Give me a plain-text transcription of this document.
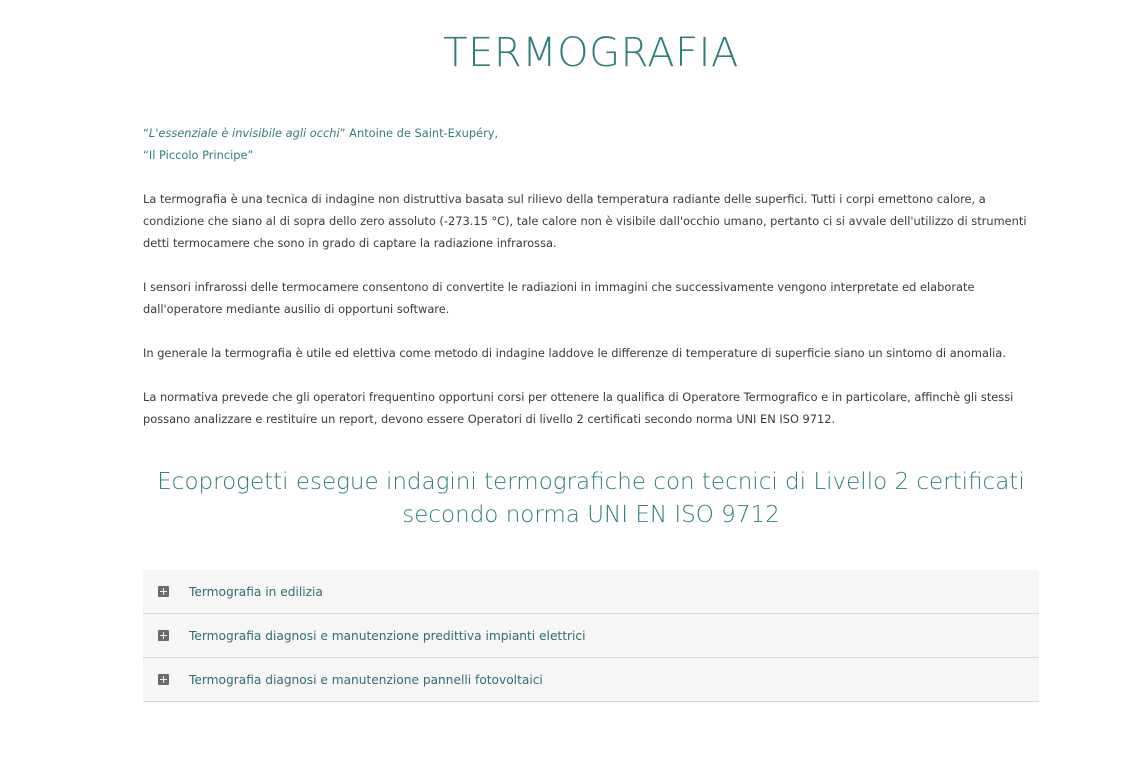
TERMOGRAFIA

“L'essenziale è invisibile agli occhi” Antoine de Saint-Exupéry,

“Il Piccolo Principe”

La termografia è una tecnica di indagine non distruttiva basata sul rilievo della temperatura radiante delle superfici. Tutti i corpi emettono calore, a condizione che siano al di sopra dello zero assoluto (-273.15 °C), tale calore non è visibile dall'occhio umano, pertanto ci si avvale dell'utilizzo di strumenti detti termocamere che sono in grado di captare la radiazione infrarossa.

I sensori infrarossi delle termocamere consentono di convertite le radiazioni in immagini che successivamente vengono interpretate ed elaborate dall'operatore mediante ausilio di opportuni software.

In generale la termografia è utile ed elettiva come metodo di indagine laddove le differenze di temperature di superficie siano un sintomo di anomalia.

La normativa prevede che gli operatori frequentino opportuni corsi per ottenere la qualifica di Operatore Termografico e in particolare, affinchè gli stessi possano analizzare e restituire un report, devono essere Operatori di livello 2 certificati secondo norma UNI EN ISO 9712.

Ecoprogetti esegue indagini termografiche con tecnici di Livello 2 certificati secondo norma UNI EN ISO 9712
Termografia in edilizia
Termografia diagnosi e manutenzione predittiva impianti elettrici
Termografia diagnosi e manutenzione pannelli fotovoltaici
